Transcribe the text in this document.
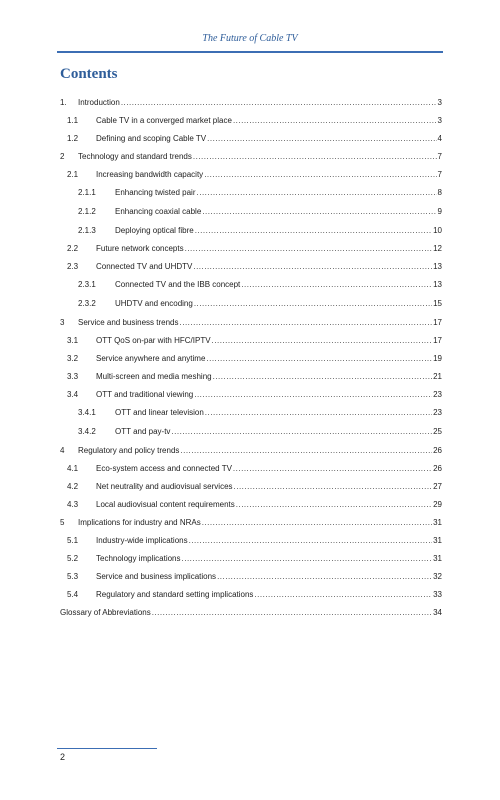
The Future of Cable TV
Contents
1.	Introduction .....	3
1.1	Cable TV in a converged market place .....	3
1.2	Defining and scoping Cable TV .....	4
2	Technology and standard trends .....	7
2.1	Increasing bandwidth capacity .....	7
2.1.1	Enhancing twisted pair .....	8
2.1.2	Enhancing coaxial cable .....	9
2.1.3	Deploying optical fibre .....	10
2.2	Future network concepts .....	12
2.3	Connected TV and UHDTV .....	13
2.3.1	Connected TV and the IBB concept .....	13
2.3.2	UHDTV and encoding .....	15
3	Service and business trends .....	17
3.1	OTT QoS on-par with HFC/IPTV .....	17
3.2	Service anywhere and anytime .....	19
3.3	Multi-screen and media meshing .....	21
3.4	OTT and traditional viewing .....	23
3.4.1	OTT and linear television .....	23
3.4.2	OTT and pay-tv .....	25
4	Regulatory and policy trends .....	26
4.1	Eco-system access and connected TV .....	26
4.2	Net neutrality and audiovisual services .....	27
4.3	Local audiovisual content requirements .....	29
5	Implications for industry and NRAs .....	31
5.1	Industry-wide implications .....	31
5.2	Technology implications .....	31
5.3	Service and business implications .....	32
5.4	Regulatory and standard setting implications .....	33
Glossary of Abbreviations .....	34
2
